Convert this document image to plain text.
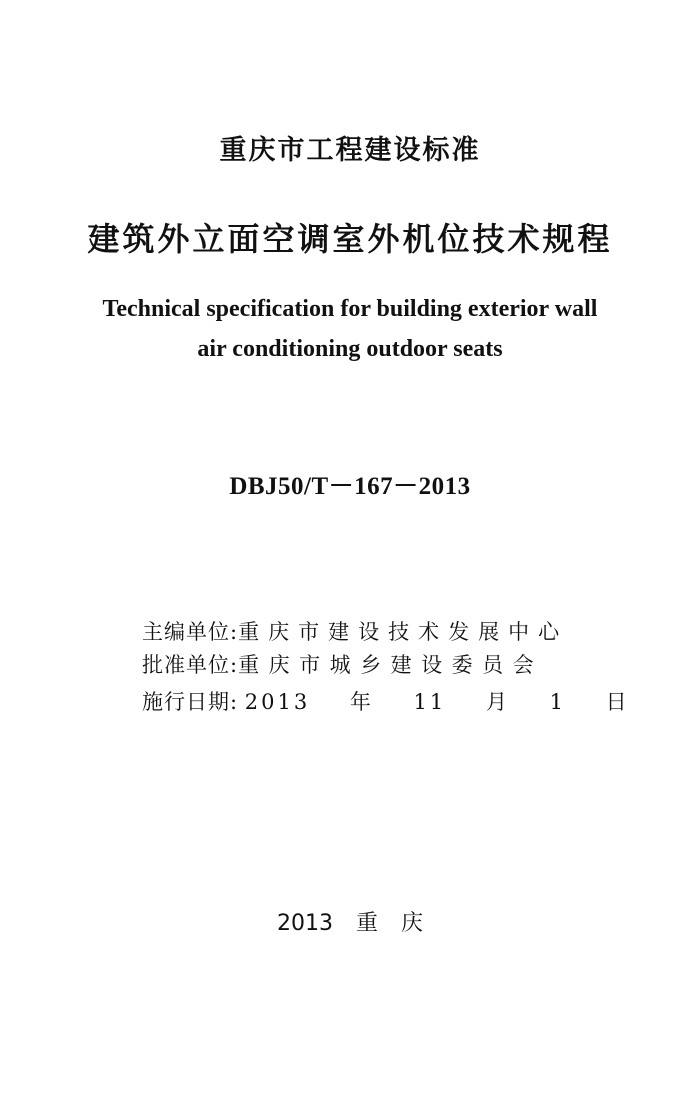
重庆市工程建设标准
建筑外立面空调室外机位技术规程
Technical specification for building exterior wall
air conditioning outdoor seats
DBJ50/T－167－2013
主编单位:重庆市建设技术发展中心
批准单位:重庆市城乡建设委员会
施行日期: 2013 年 11 月 1 日
2013 重 庆
